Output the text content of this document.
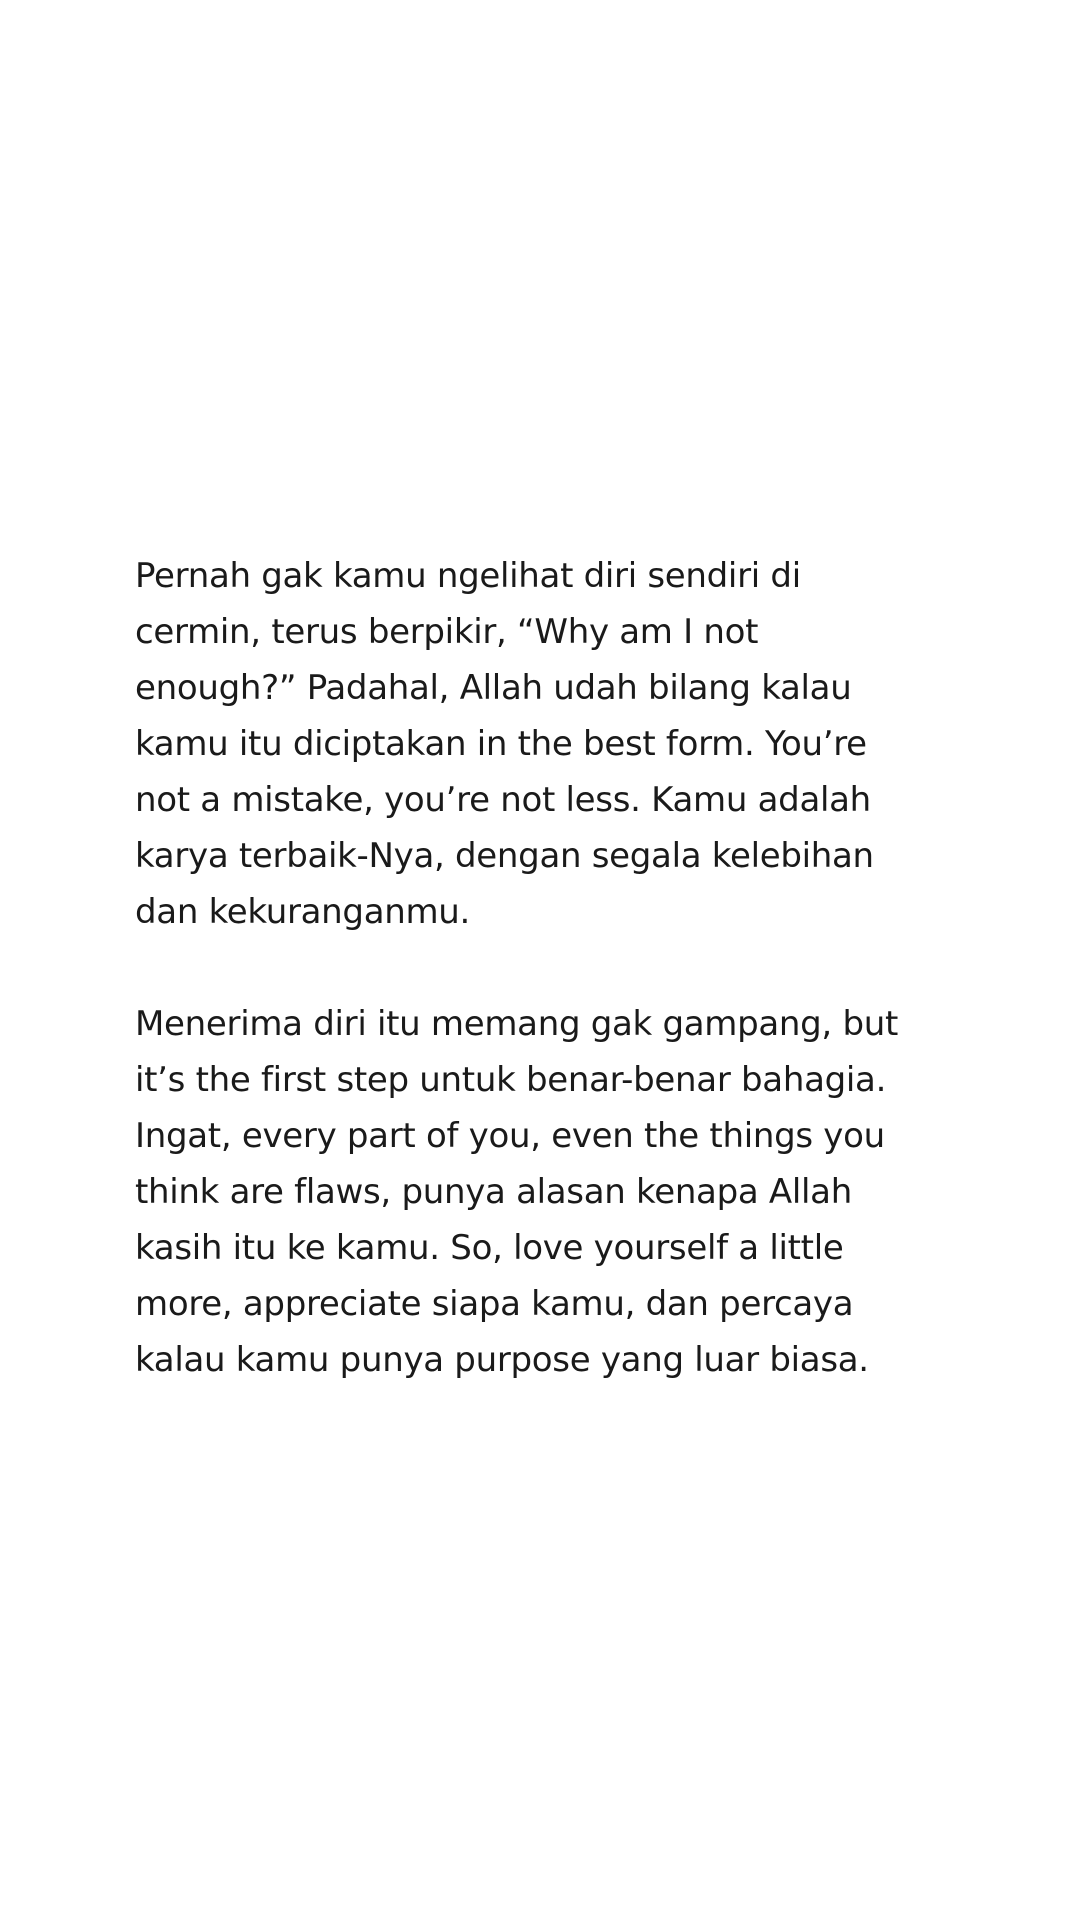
Pernah gak kamu ngelihat diri sendiri di
cermin, terus berpikir, “Why am I not
enough?” Padahal, Allah udah bilang kalau
kamu itu diciptakan in the best form. You’re
not a mistake, you’re not less. Kamu adalah
karya terbaik-Nya, dengan segala kelebihan
dan kekuranganmu.
Menerima diri itu memang gak gampang, but
it’s the first step untuk benar-benar bahagia.
Ingat, every part of you, even the things you
think are flaws, punya alasan kenapa Allah
kasih itu ke kamu. So, love yourself a little
more, appreciate siapa kamu, dan percaya
kalau kamu punya purpose yang luar biasa.
